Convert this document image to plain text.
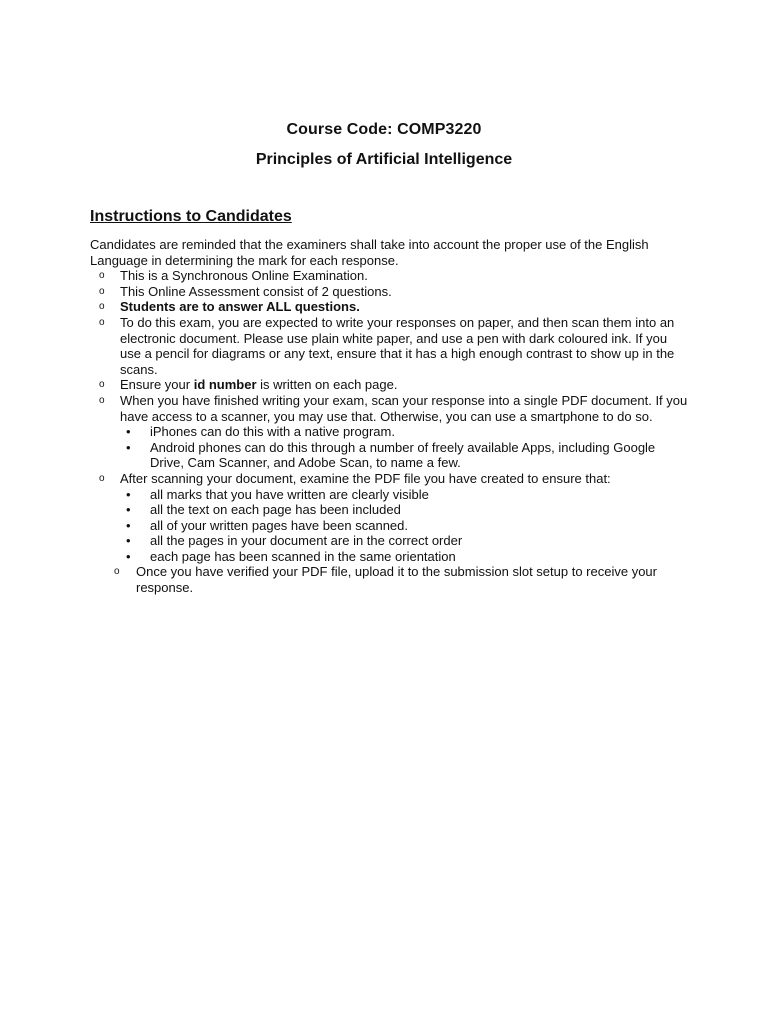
Course Code: COMP3220
Principles of Artificial Intelligence
Instructions to Candidates

Candidates are reminded that the examiners shall take into account the proper use of the English Language in determining the mark for each response.

o This is a Synchronous Online Examination.
o This Online Assessment consist of 2 questions.
o Students are to answer ALL questions.
o To do this exam, you are expected to write your responses on paper, and then scan them into an electronic document. Please use plain white paper, and use a pen with dark coloured ink. If you use a pencil for diagrams or any text, ensure that it has a high enough contrast to show up in the scans.
o Ensure your id number is written on each page.
o When you have finished writing your exam, scan your response into a single PDF document. If you have access to a scanner, you may use that. Otherwise, you can use a smartphone to do so.
• iPhones can do this with a native program.
• Android phones can do this through a number of freely available Apps, including Google Drive, Cam Scanner, and Adobe Scan, to name a few.
o After scanning your document, examine the PDF file you have created to ensure that:
• all marks that you have written are clearly visible
• all the text on each page has been included
• all of your written pages have been scanned.
• all the pages in your document are in the correct order
• each page has been scanned in the same orientation
o Once you have verified your PDF file, upload it to the submission slot setup to receive your response.
